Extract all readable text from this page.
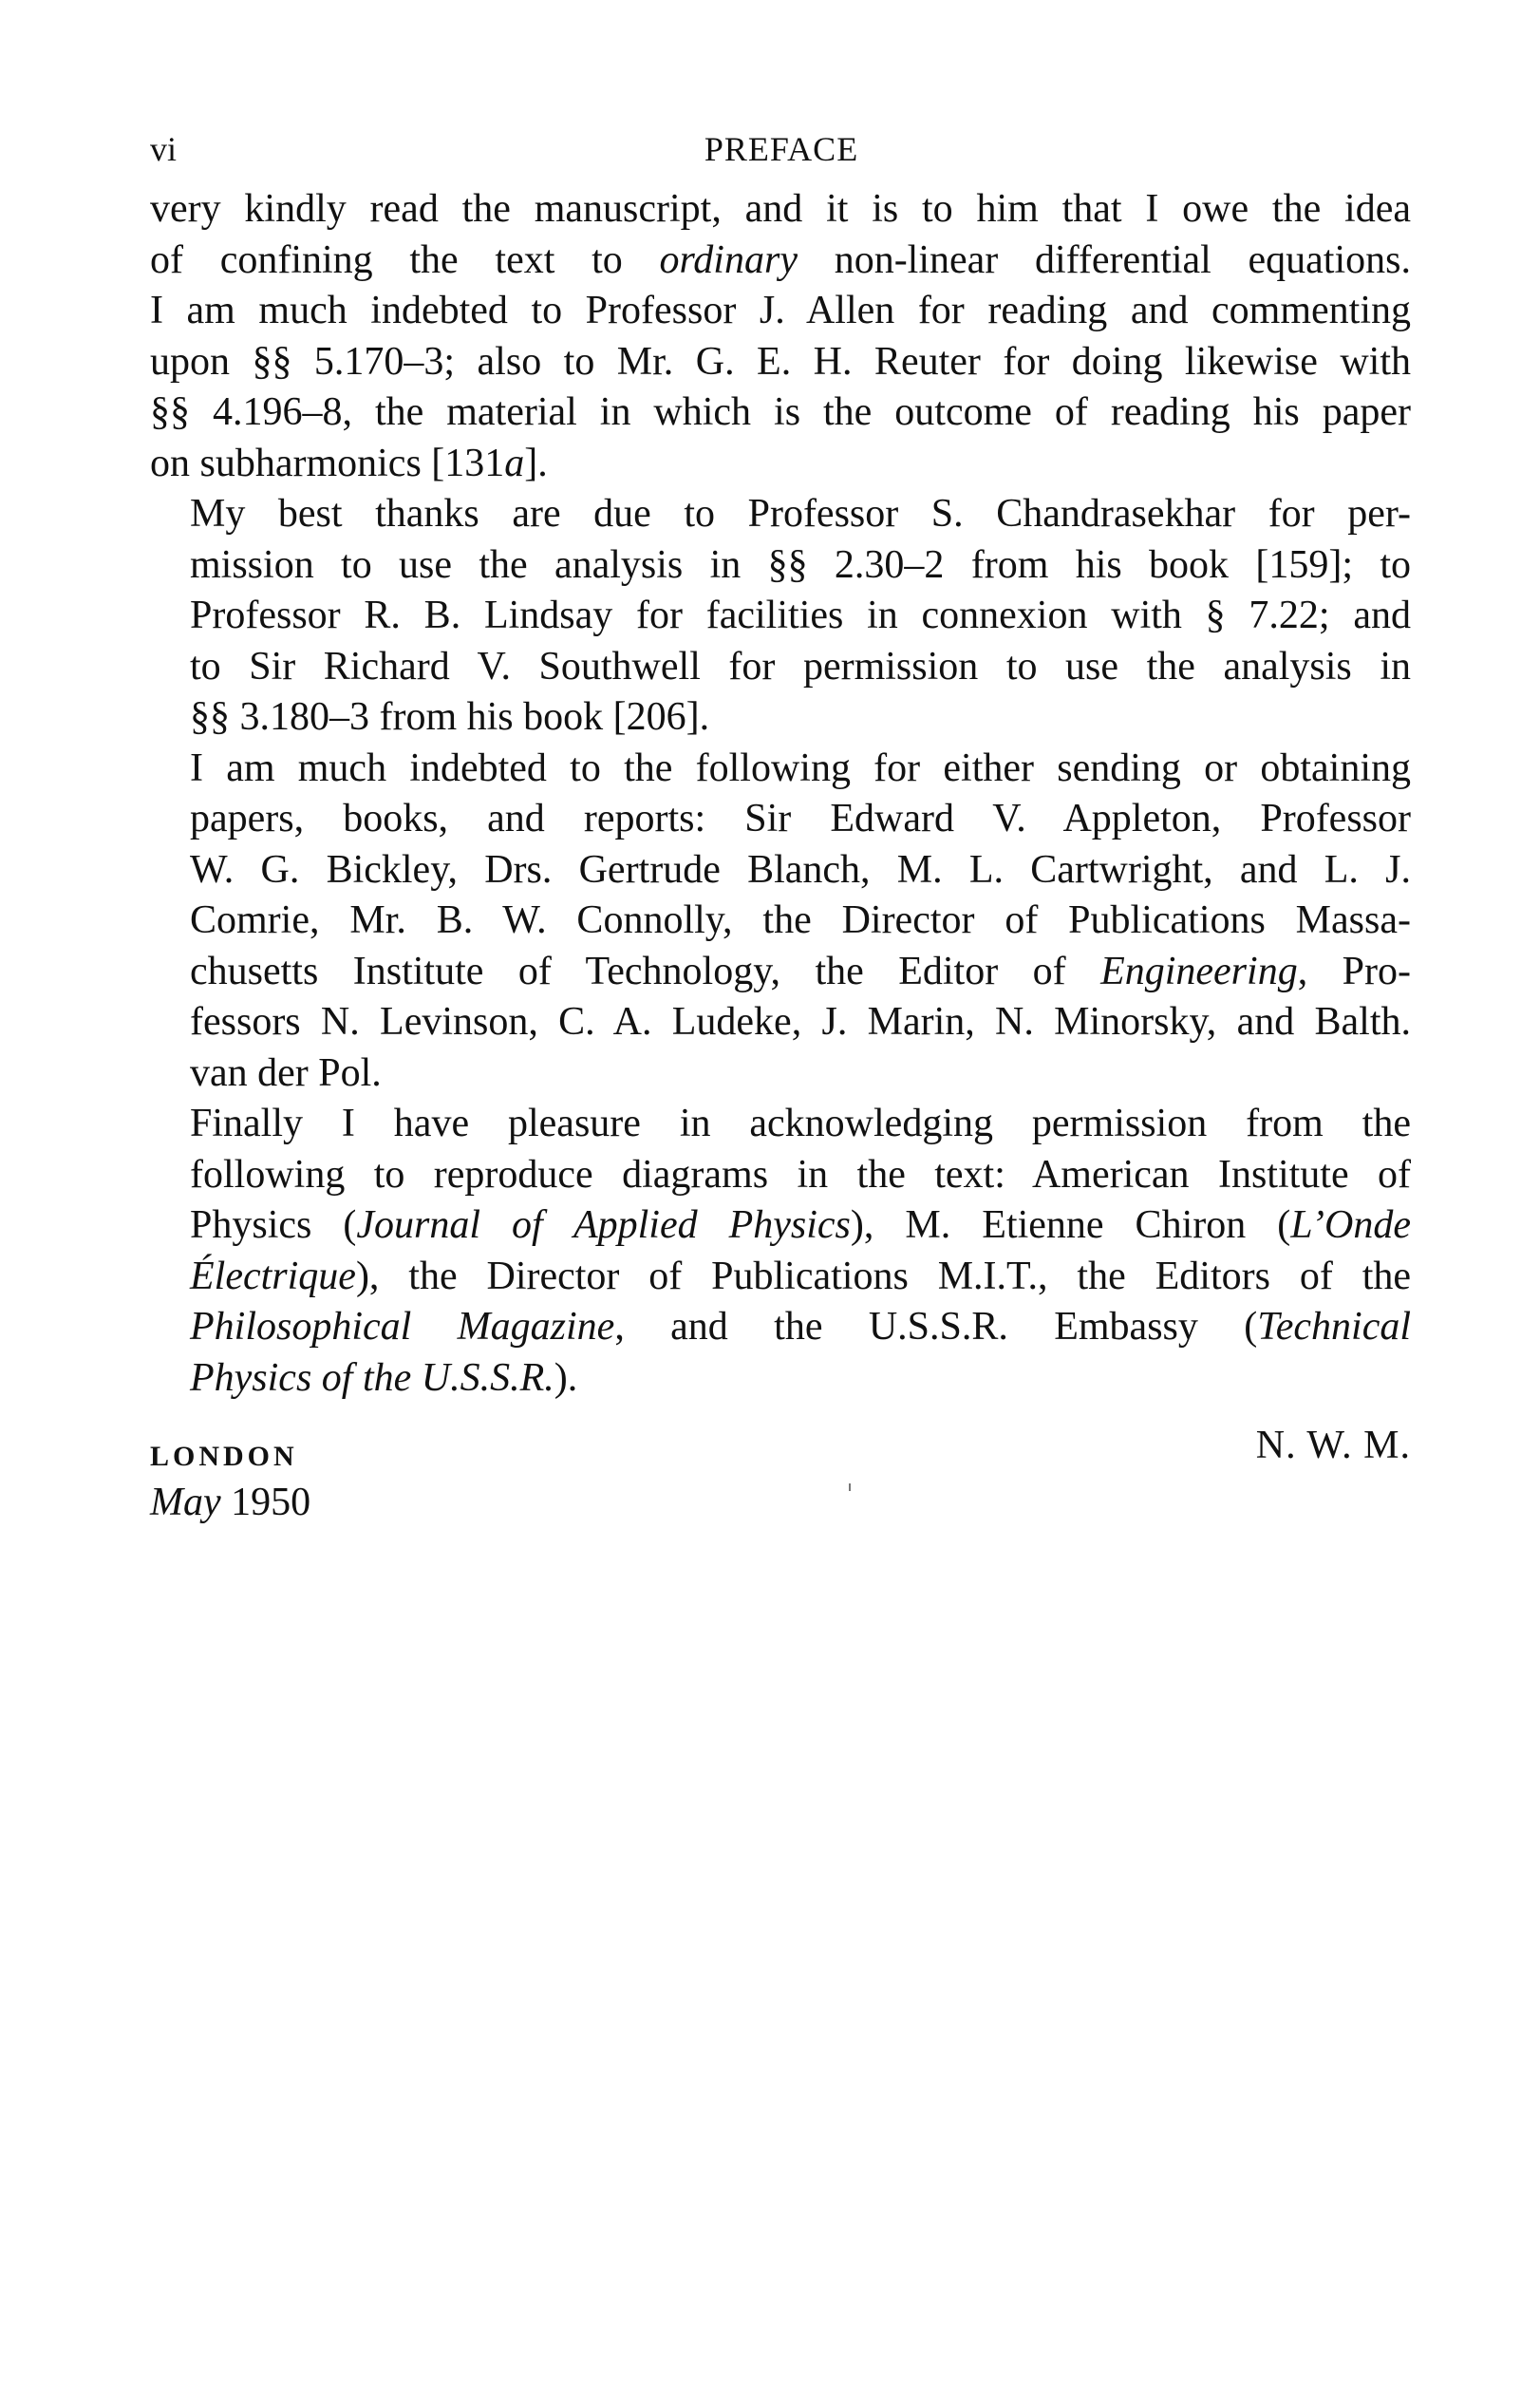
vi	PREFACE

very kindly read the manuscript, and it is to him that I owe the idea
of confining the text to ordinary non-linear differential equations.
I am much indebted to Professor J. Allen for reading and commenting
upon §§ 5.170–3; also to Mr. G. E. H. Reuter for doing likewise with
§§ 4.196–8, the material in which is the outcome of reading his paper
on subharmonics [131a].

My best thanks are due to Professor S. Chandrasekhar for per-
mission to use the analysis in §§ 2.30–2 from his book [159]; to
Professor R. B. Lindsay for facilities in connexion with § 7.22; and
to Sir Richard V. Southwell for permission to use the analysis in
§§ 3.180–3 from his book [206].

I am much indebted to the following for either sending or obtaining
papers, books, and reports: Sir Edward V. Appleton, Professor
W. G. Bickley, Drs. Gertrude Blanch, M. L. Cartwright, and L. J.
Comrie, Mr. B. W. Connolly, the Director of Publications Massa-
chusetts Institute of Technology, the Editor of Engineering, Pro-
fessors N. Levinson, C. A. Ludeke, J. Marin, N. Minorsky, and Balth.
van der Pol.

Finally I have pleasure in acknowledging permission from the
following to reproduce diagrams in the text: American Institute of
Physics (Journal of Applied Physics), M. Etienne Chiron (L’Onde
Électrique), the Director of Publications M.I.T., the Editors of the
Philosophical Magazine, and the U.S.S.R. Embassy (Technical
Physics of the U.S.S.R.).

N. W. M.
LONDON
May 1950
